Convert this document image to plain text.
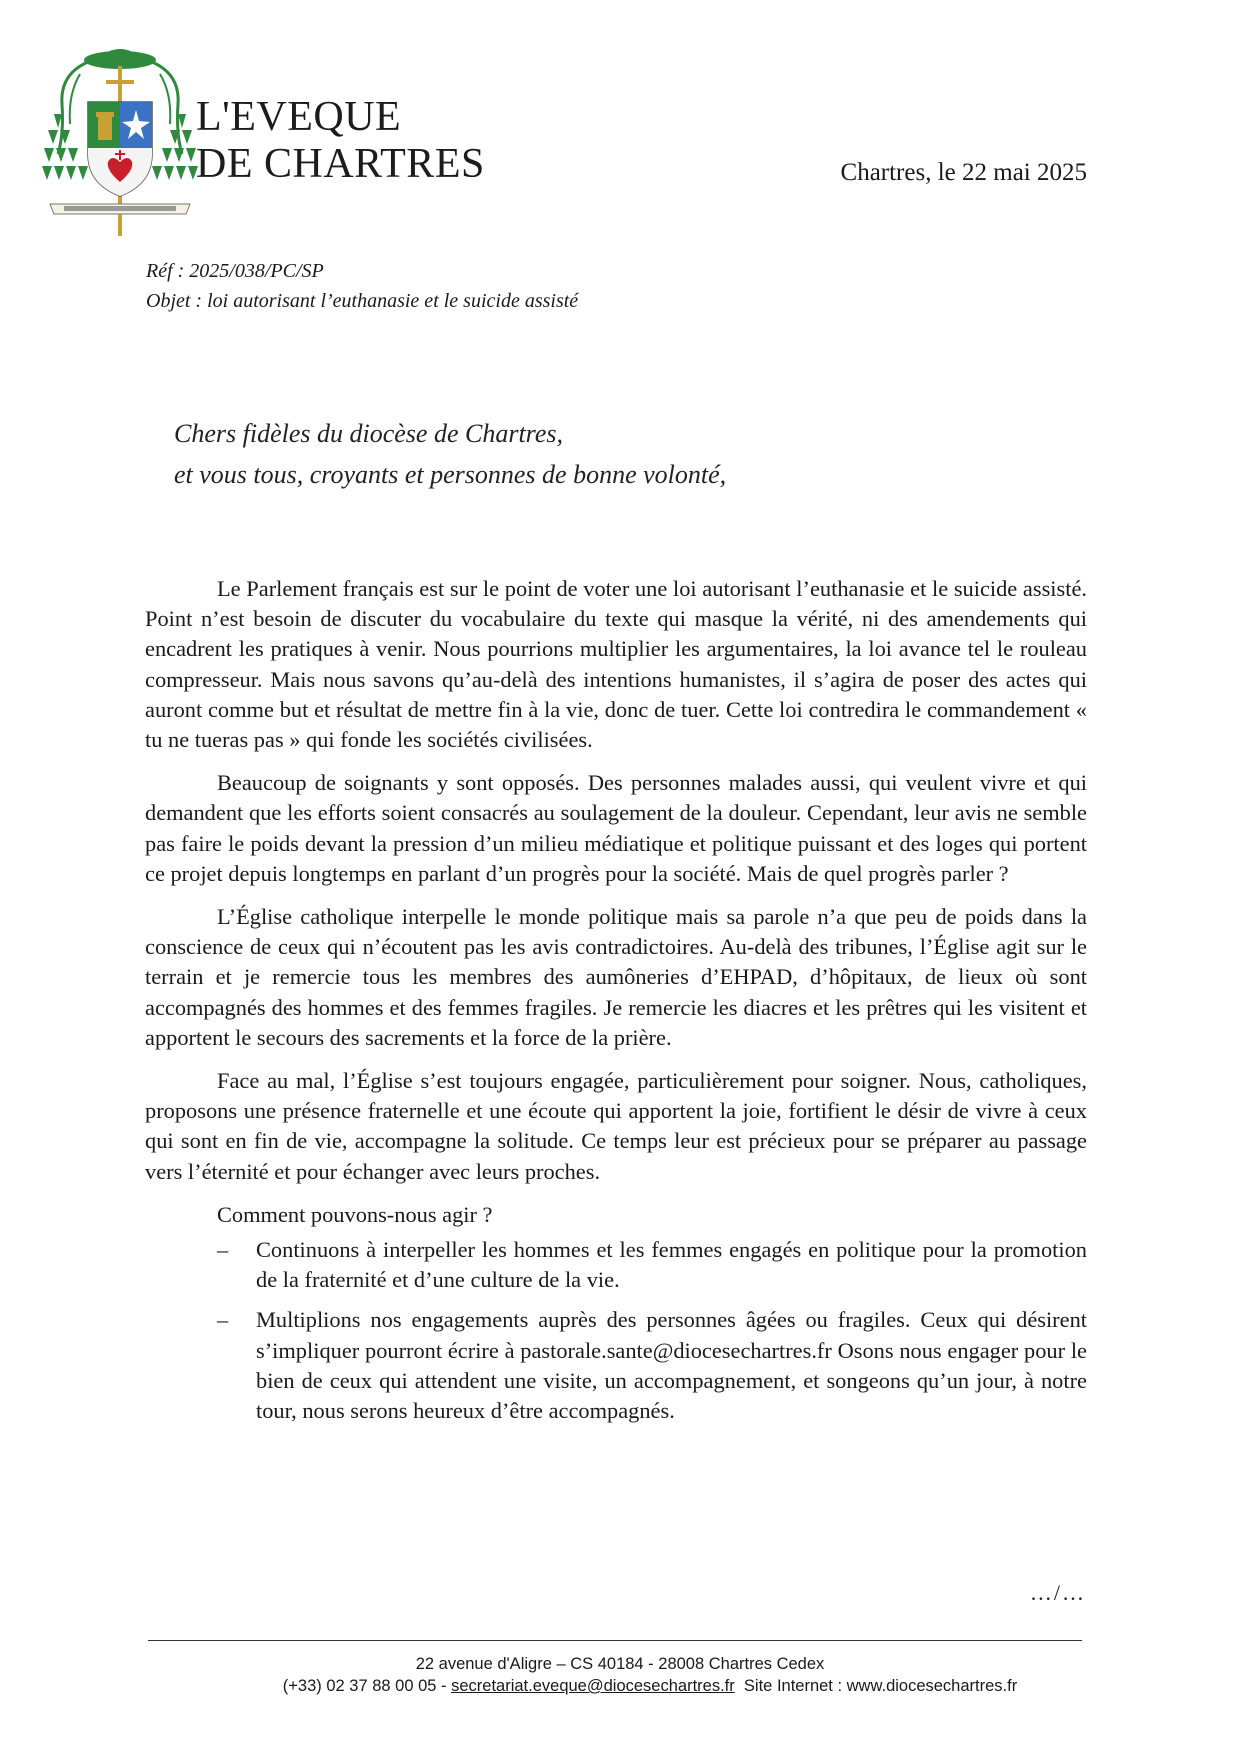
L'EVEQUE
DE CHARTRES	Chartres, le 22 mai 2025
Réf : 2025/038/PC/SP
Objet : loi autorisant l’euthanasie et le suicide assisté
Chers fidèles du diocèse de Chartres,
et vous tous, croyants et personnes de bonne volonté,

Le Parlement français est sur le point de voter une loi autorisant l’euthanasie et le suicide assisté. Point n’est besoin de discuter du vocabulaire du texte qui masque la vérité, ni des amendements qui encadrent les pratiques à venir. Nous pourrions multiplier les argumentaires, la loi avance tel le rouleau compresseur. Mais nous savons qu’au-delà des intentions humanistes, il s’agira de poser des actes qui auront comme but et résultat de mettre fin à la vie, donc de tuer. Cette loi contredira le commandement « tu ne tueras pas » qui fonde les sociétés civilisées.

Beaucoup de soignants y sont opposés. Des personnes malades aussi, qui veulent vivre et qui demandent que les efforts soient consacrés au soulagement de la douleur. Cependant, leur avis ne semble pas faire le poids devant la pression d’un milieu médiatique et politique puissant et des loges qui portent ce projet depuis longtemps en parlant d’un progrès pour la société. Mais de quel progrès parler ?

L’Église catholique interpelle le monde politique mais sa parole n’a que peu de poids dans la conscience de ceux qui n’écoutent pas les avis contradictoires. Au-delà des tribunes, l’Église agit sur le terrain et je remercie tous les membres des aumôneries d’EHPAD, d’hôpitaux, de lieux où sont accompagnés des hommes et des femmes fragiles. Je remercie les diacres et les prêtres qui les visitent et apportent le secours des sacrements et la force de la prière.

Face au mal, l’Église s’est toujours engagée, particulièrement pour soigner. Nous, catholiques, proposons une présence fraternelle et une écoute qui apportent la joie, fortifient le désir de vivre à ceux qui sont en fin de vie, accompagne la solitude. Ce temps leur est précieux pour se préparer au passage vers l’éternité et pour échanger avec leurs proches.

Comment pouvons-nous agir ?

– Continuons à interpeller les hommes et les femmes engagés en politique pour la promotion de la fraternité et d’une culture de la vie.
– Multiplions nos engagements auprès des personnes âgées ou fragiles. Ceux qui désirent s’impliquer pourront écrire à pastorale.sante@diocesechartres.fr Osons nous engager pour le bien de ceux qui attendent une visite, un accompagnement, et songeons qu’un jour, à notre tour, nous serons heureux d’être accompagnés.
…/…
22 avenue d'Aligre – CS 40184 - 28008 Chartres Cedex
(+33) 02 37 88 00 05 - secretariat.eveque@diocesechartres.fr Site Internet : www.diocesechartres.fr
